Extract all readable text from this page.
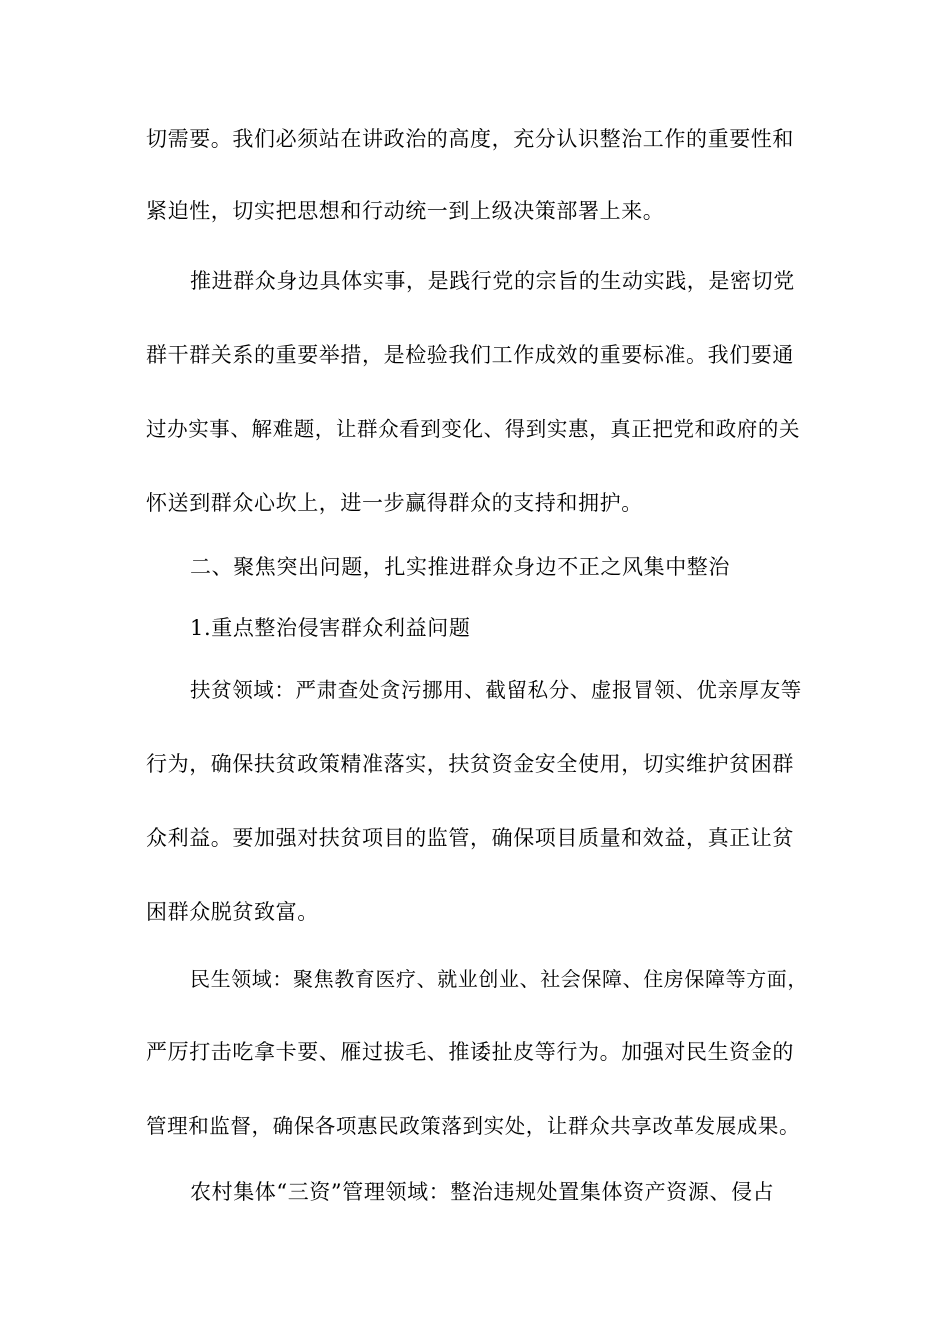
切需要。我们必须站在讲政治的高度，充分认识整治工作的重要性和
紧迫性，切实把思想和行动统一到上级决策部署上来。
推进群众身边具体实事，是践行党的宗旨的生动实践，是密切党
群干群关系的重要举措，是检验我们工作成效的重要标准。我们要通
过办实事、解难题，让群众看到变化、得到实惠，真正把党和政府的关
怀送到群众心坎上，进一步赢得群众的支持和拥护。
二、聚焦突出问题，扎实推进群众身边不正之风集中整治
1.重点整治侵害群众利益问题
扶贫领域：严肃查处贪污挪用、截留私分、虚报冒领、优亲厚友等
行为，确保扶贫政策精准落实，扶贫资金安全使用，切实维护贫困群
众利益。要加强对扶贫项目的监管，确保项目质量和效益，真正让贫
困群众脱贫致富。
民生领域：聚焦教育医疗、就业创业、社会保障、住房保障等方面，
严厉打击吃拿卡要、雁过拔毛、推诿扯皮等行为。加强对民生资金的
管理和监督，确保各项惠民政策落到实处，让群众共享改革发展成果。
农村集体“三资”管理领域：整治违规处置集体资产资源、侵占
